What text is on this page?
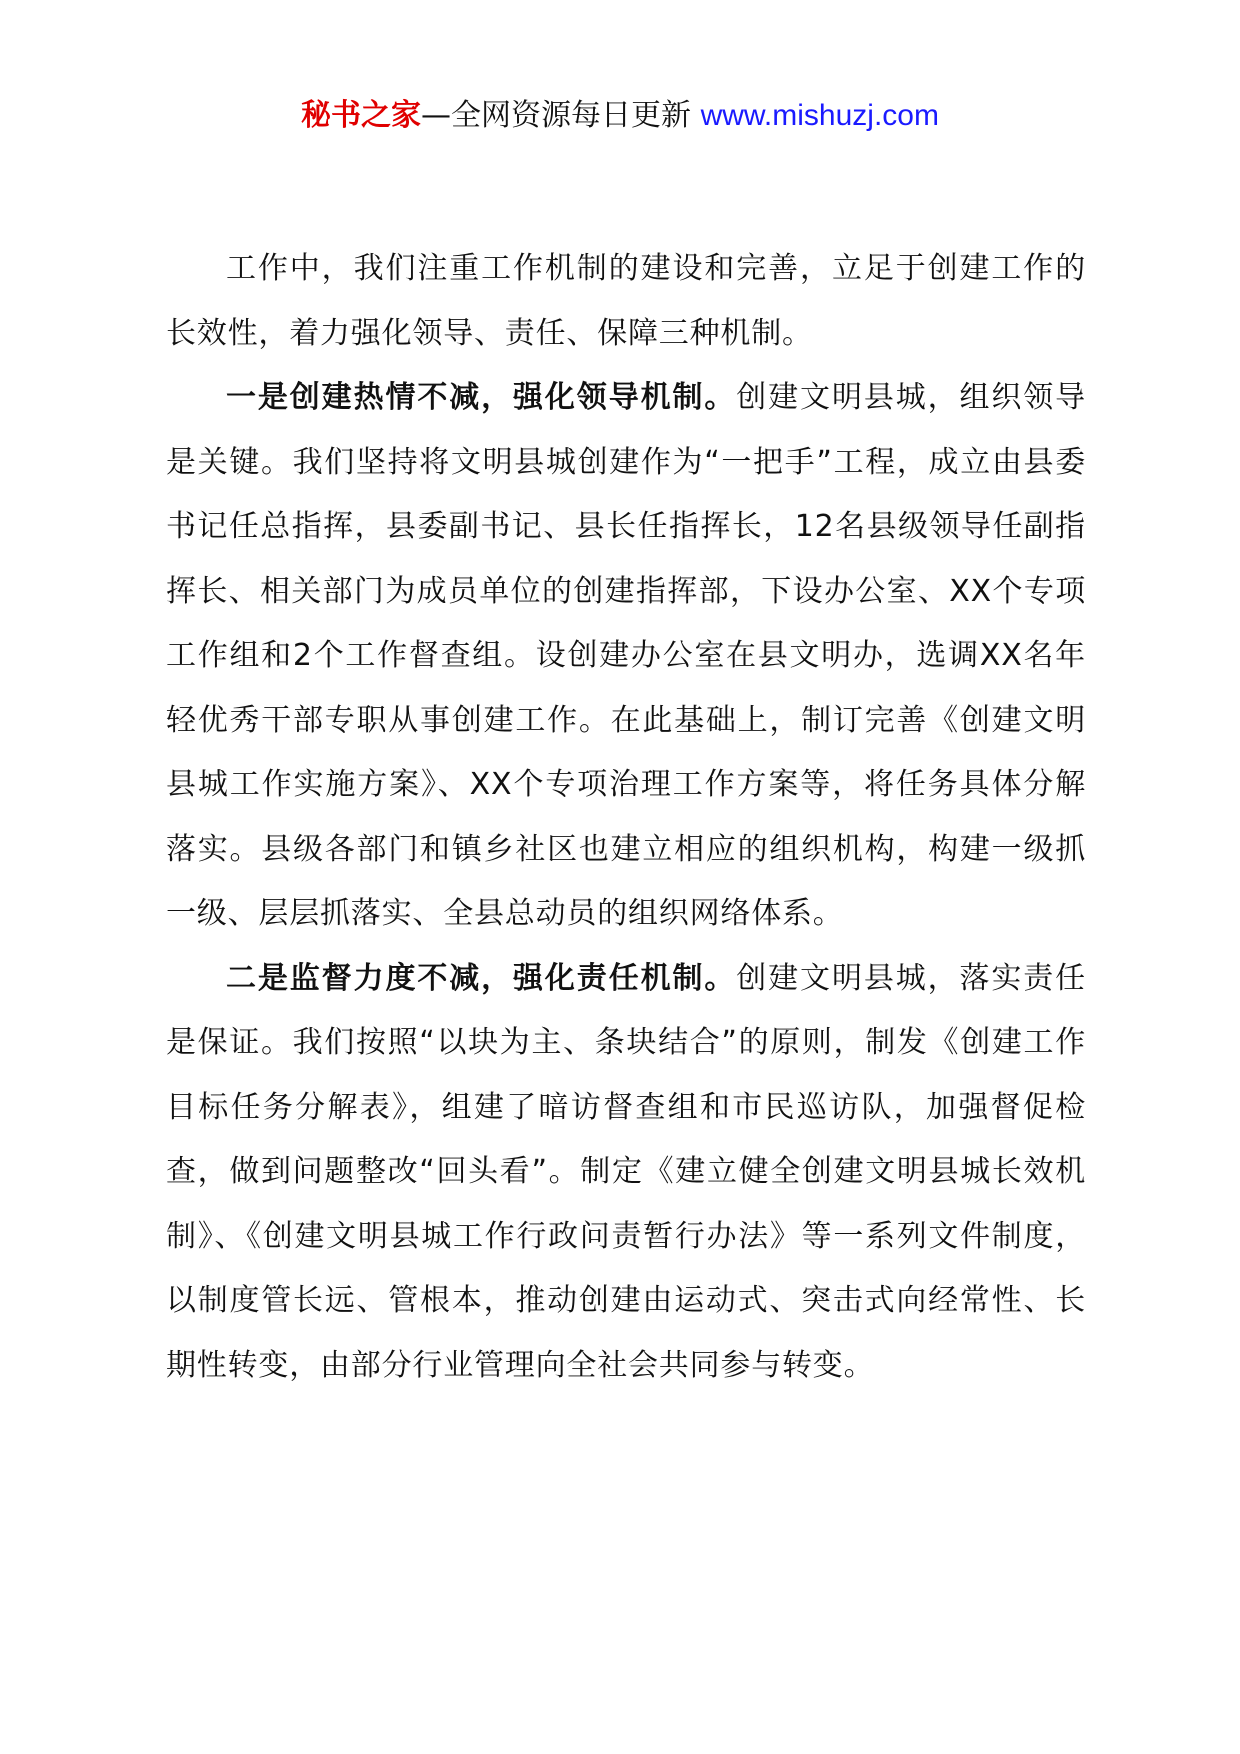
秘书之家—全网资源每日更新 www.mishuzj.com

工作中，我们注重工作机制的建设和完善，立足于创建工作的长效性，着力强化领导、责任、保障三种机制。

一是创建热情不减，强化领导机制。创建文明县城，组织领导是关键。我们坚持将文明县城创建作为“一把手”工程，成立由县委书记任总指挥，县委副书记、县长任指挥长，12名县级领导任副指挥长、相关部门为成员单位的创建指挥部，下设办公室、XX个专项工作组和2个工作督查组。设创建办公室在县文明办，选调XX名年轻优秀干部专职从事创建工作。在此基础上，制订完善《创建文明县城工作实施方案》、XX个专项治理工作方案等，将任务具体分解落实。县级各部门和镇乡社区也建立相应的组织机构，构建一级抓一级、层层抓落实、全县总动员的组织网络体系。

二是监督力度不减，强化责任机制。创建文明县城，落实责任是保证。我们按照“以块为主、条块结合”的原则，制发《创建工作目标任务分解表》，组建了暗访督查组和市民巡访队，加强督促检查，做到问题整改“回头看”。制定《建立健全创建文明县城长效机制》、《创建文明县城工作行政问责暂行办法》等一系列文件制度，以制度管长远、管根本，推动创建由运动式、突击式向经常性、长期性转变，由部分行业管理向全社会共同参与转变。
